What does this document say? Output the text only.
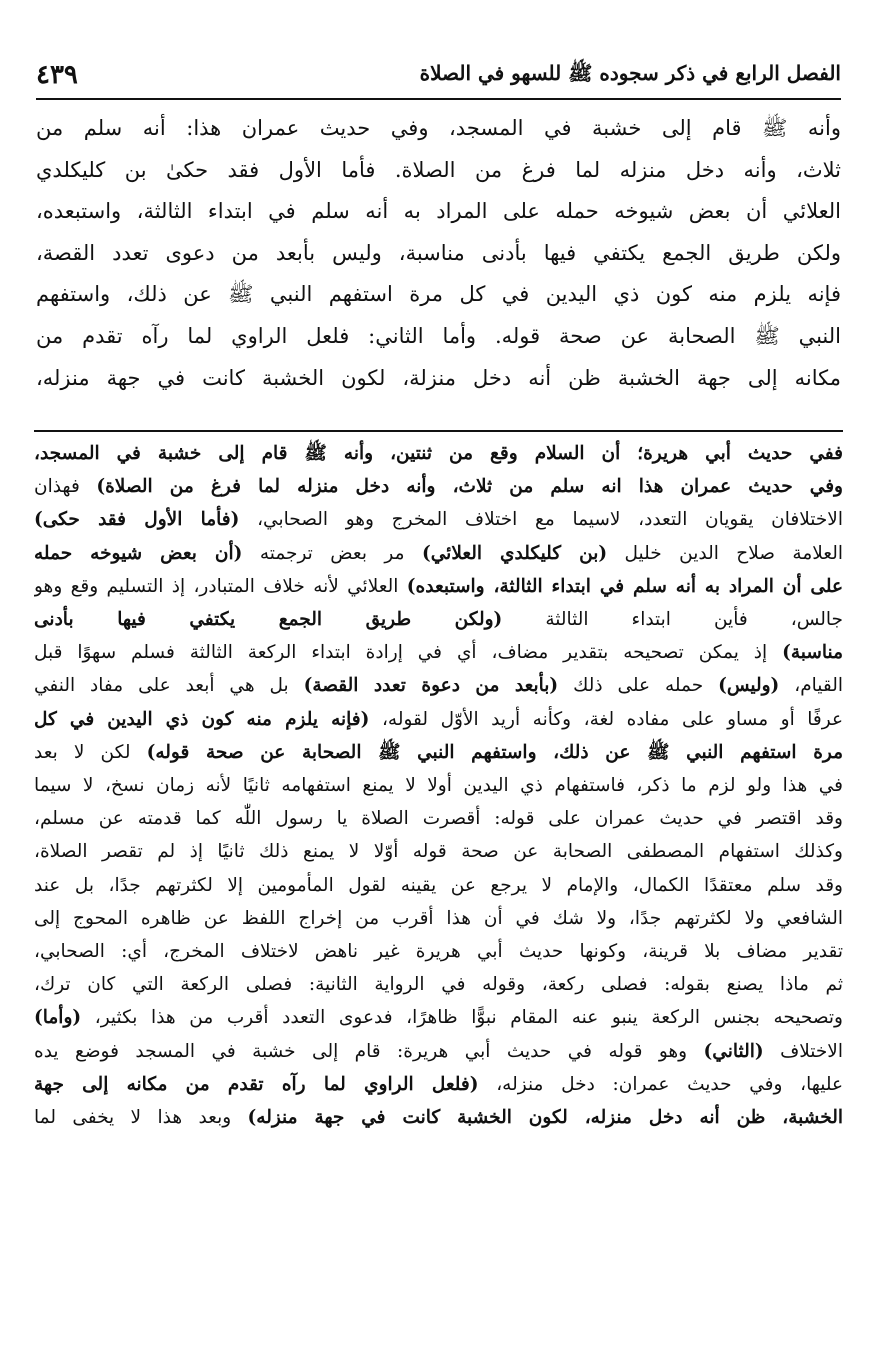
الفصل الرابع في ذكر سجوده ﷺ للسهو في الصلاة
٤٣٩
وأنه ﷺ قام إلى خشبة في المسجد، وفي حديث عمران هذا: أنه سلم من
ثلاث، وأنه دخل منزله لما فرغ من الصلاة. فأما الأول فقد حكىٰ بن كليكلدي
العلائي أن بعض شيوخه حمله على المراد به أنه سلم في ابتداء الثالثة، واستبعده،
ولكن طريق الجمع يكتفي فيها بأدنى مناسبة، وليس بأبعد من دعوى تعدد القصة،
فإنه يلزم منه كون ذي اليدين في كل مرة استفهم النبي ﷺ عن ذلك، واستفهم
النبي ﷺ الصحابة عن صحة قوله. وأما الثاني: فلعل الراوي لما رآه تقدم من
مكانه إلى جهة الخشبة ظن أنه دخل منزلة، لكون الخشبة كانت في جهة منزله،
ففي حديث أبي هريرة؛ أن السلام وقع من ثنتين، وأنه ﷺ قام إلى خشبة في المسجد،
وفي حديث عمران هذا انه سلم من ثلاث، وأنه دخل منزله لما فرغ من الصلاة) فهذان
الاختلافان يقويان التعدد، لاسيما مع اختلاف المخرج وهو الصحابي، (فأما الأول فقد حكى)
العلامة صلاح الدين خليل (بن كليكلدي العلائي) مر بعض ترجمته (أن بعض شيوخه حمله
على أن المراد به أنه سلم في ابتداء الثالثة، واستبعده) العلائي لأنه خلاف المتبادر، إذ التسليم وقع وهو
جالس، فأين ابتداء الثالثة (ولكن طريق الجمع يكتفي فيها بأدنى
مناسبة) إذ يمكن تصحيحه بتقدير مضاف، أي في إرادة ابتداء الركعة الثالثة فسلم سهوًا قبل
القيام، (وليس) حمله على ذلك (بأبعد من دعوة تعدد القصة) بل هي أبعد على مفاد النفي
عرفًا أو مساو على مفاده لغة، وكأنه أريد الأوّل لقوله، (فإنه يلزم منه كون ذي اليدين في كل
مرة استفهم النبي ﷺ عن ذلك، واستفهم النبي ﷺ الصحابة عن صحة قوله) لكن لا بعد
في هذا ولو لزم ما ذكر، فاستفهام ذي اليدين أولا لا يمنع استفهامه ثانيًا لأنه زمان نسخ، لا سيما
وقد اقتصر في حديث عمران على قوله: أقصرت الصلاة يا رسول اللّٰه كما قدمته عن مسلم،
وكذلك استفهام المصطفى الصحابة عن صحة قوله أوّلا لا يمنع ذلك ثانيًا إذ لم تقصر الصلاة،
وقد سلم معتقدًا الكمال، والإمام لا يرجع عن يقينه لقول المأمومين إلا لكثرتهم جدًا، بل عند
الشافعي ولا لكثرتهم جدًا، ولا شك في أن هذا أقرب من إخراج اللفظ عن ظاهره المحوج إلى
تقدير مضاف بلا قرينة، وكونها حديث أبي هريرة غير ناهض لاختلاف المخرج، أي: الصحابي،
ثم ماذا يصنع بقوله: فصلى ركعة، وقوله في الرواية الثانية: فصلى الركعة التي كان ترك،
وتصحيحه بجنس الركعة ينبو عنه المقام نبوًّا ظاهرًا، فدعوى التعدد أقرب من هذا بكثير، (وأما)
الاختلاف (الثاني) وهو قوله في حديث أبي هريرة: قام إلى خشبة في المسجد فوضع يده
عليها، وفي حديث عمران: دخل منزله، (فلعل الراوي لما رآه تقدم من مكانه إلى جهة
الخشبة، ظن أنه دخل منزله، لكون الخشبة كانت في جهة منزله) وبعد هذا لا يخفى لما
